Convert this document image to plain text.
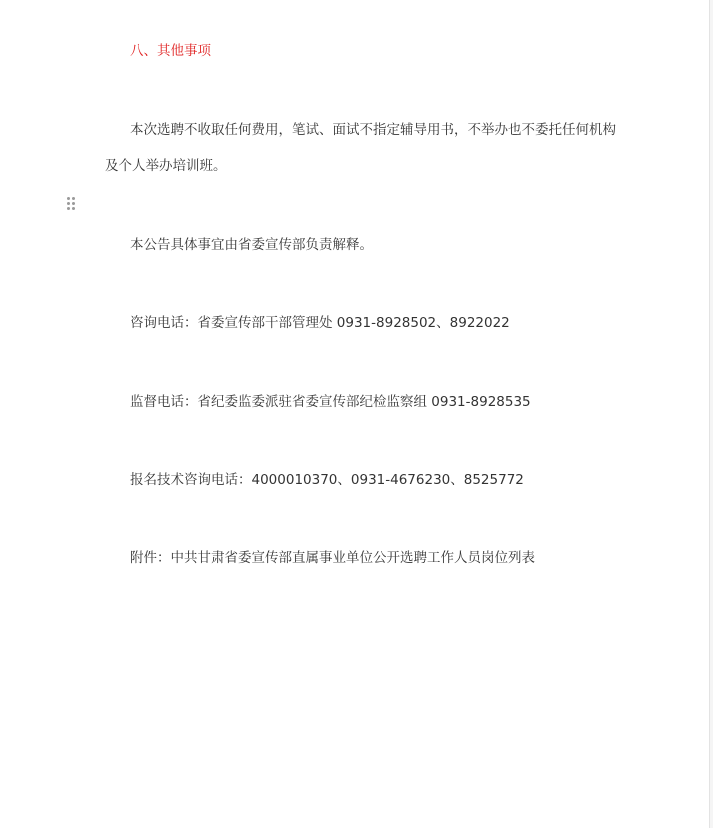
八、其他事项
本次选聘不收取任何费用，笔试、面试不指定辅导用书，不举办也不委托任何机构
及个人举办培训班。
本公告具体事宜由省委宣传部负责解释。
咨询电话：省委宣传部干部管理处 0931-8928502、8922022
监督电话：省纪委监委派驻省委宣传部纪检监察组 0931-8928535
报名技术咨询电话：4000010370、0931-4676230、8525772
附件：中共甘肃省委宣传部直属事业单位公开选聘工作人员岗位列表
